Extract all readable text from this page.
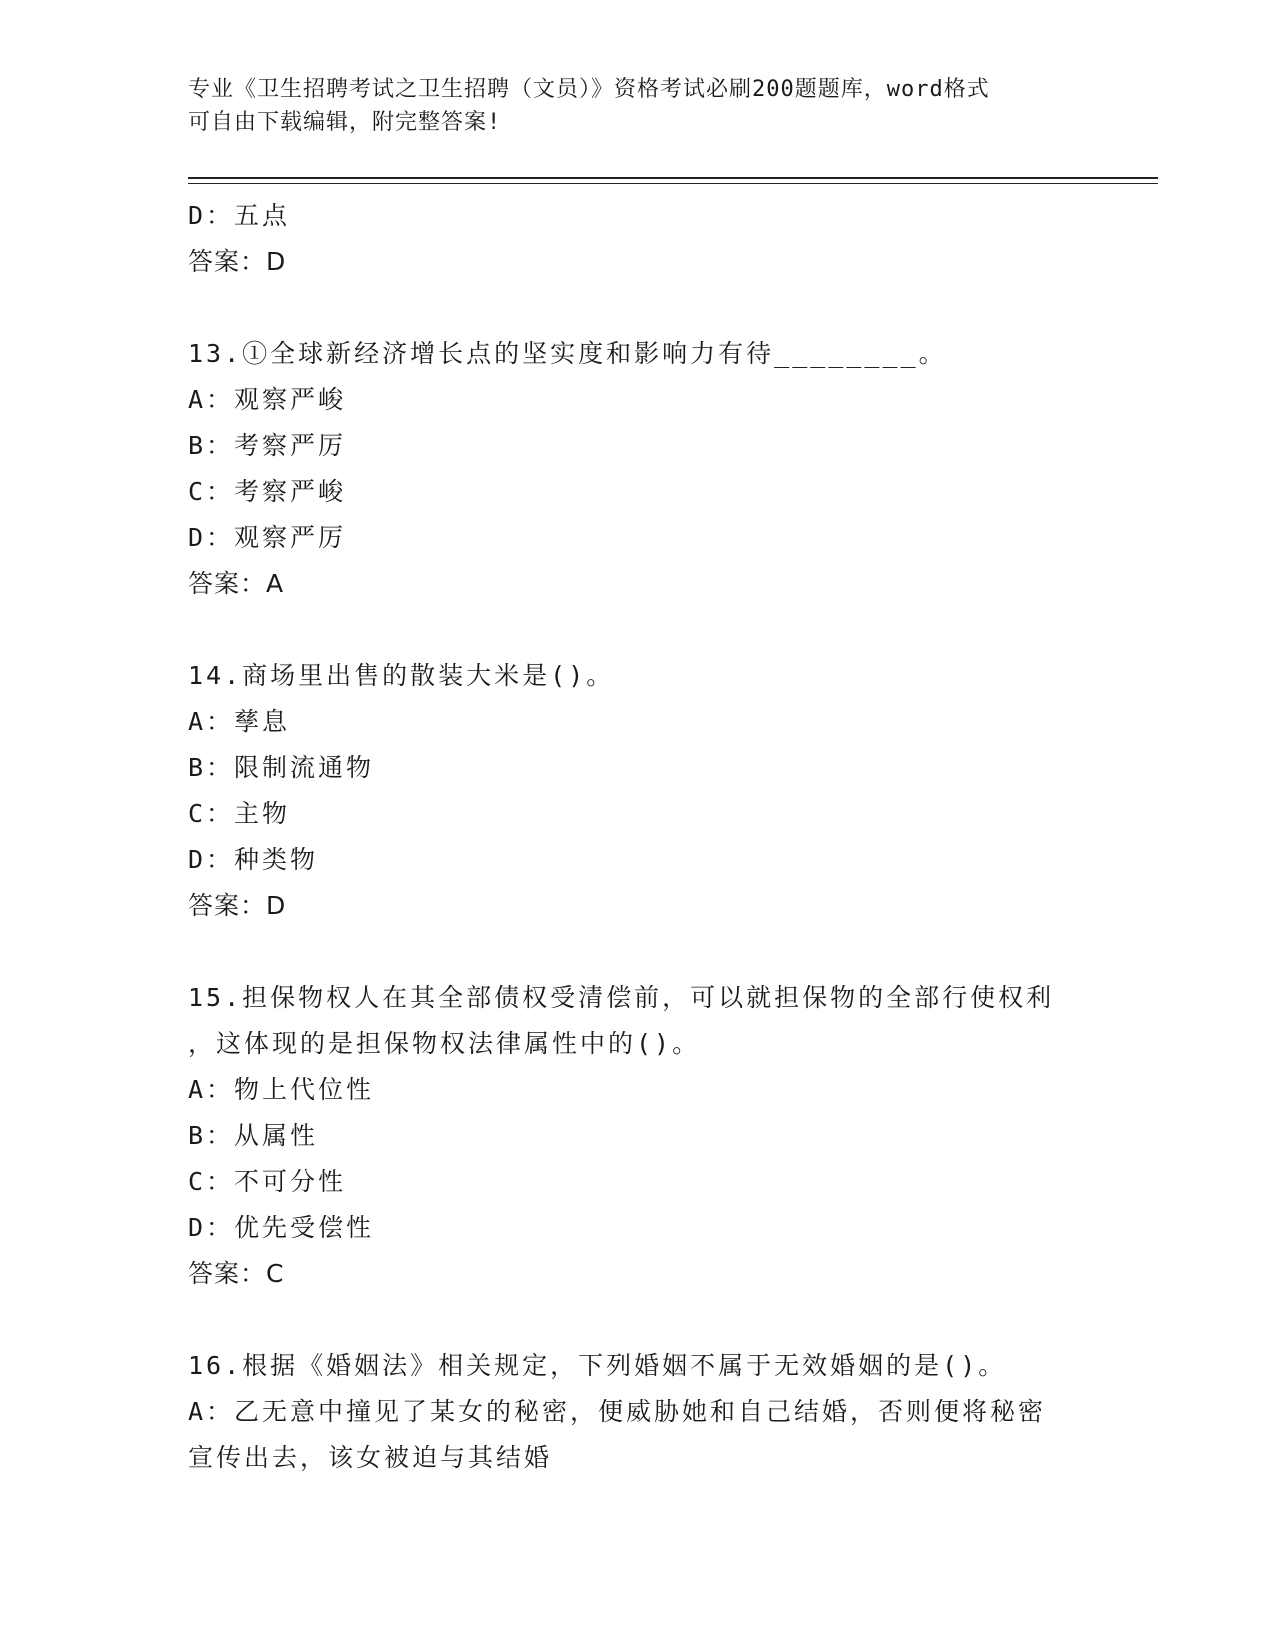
专业《卫生招聘考试之卫生招聘（文员）》资格考试必刷200题题库，word格式
可自由下载编辑，附完整答案!
D：五点
答案：D
13.①全球新经济增长点的坚实度和影响力有待________。
A：观察严峻
B：考察严厉
C：考察严峻
D：观察严厉
答案：A
14.商场里出售的散装大米是()。
A：孳息
B：限制流通物
C：主物
D：种类物
答案：D
15.担保物权人在其全部债权受清偿前，可以就担保物的全部行使权利
，这体现的是担保物权法律属性中的()。
A：物上代位性
B：从属性
C：不可分性
D：优先受偿性
答案：C
16.根据《婚姻法》相关规定，下列婚姻不属于无效婚姻的是()。
A：乙无意中撞见了某女的秘密，便威胁她和自己结婚，否则便将秘密
宣传出去，该女被迫与其结婚
